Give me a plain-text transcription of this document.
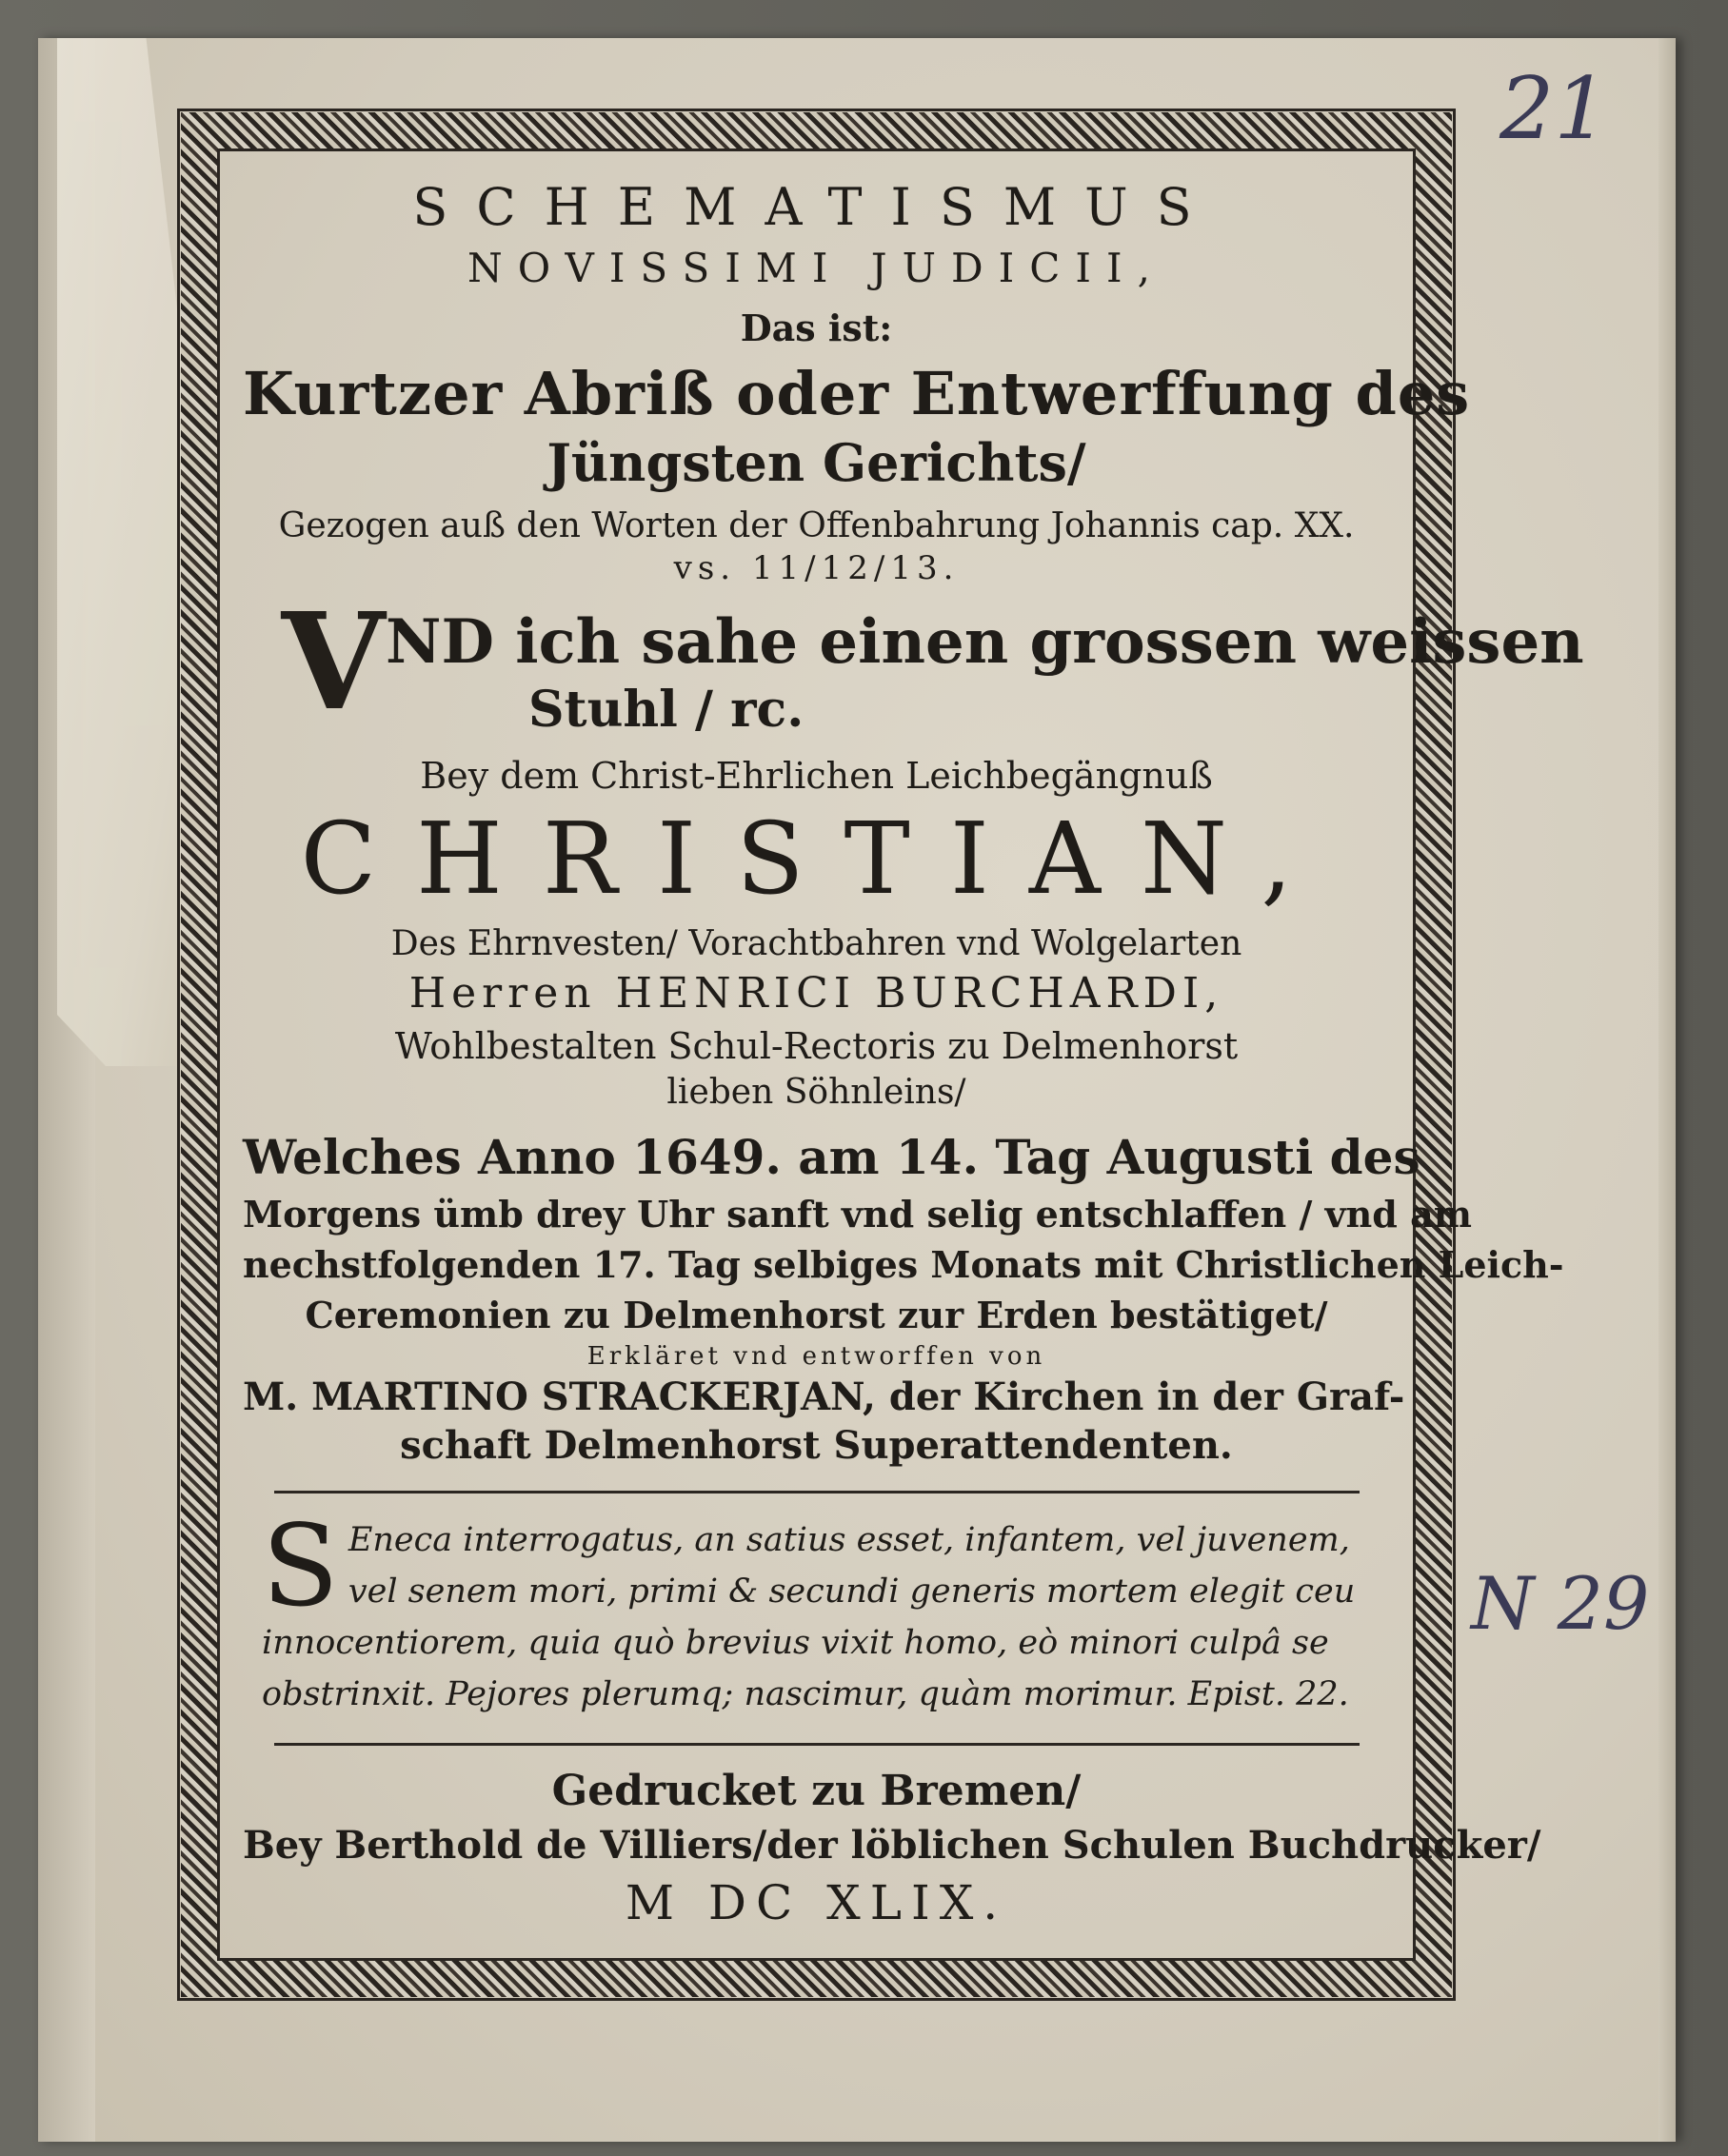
SCHEMATISMUS
NOVISSIMI JUDICII,
Das ist:
Kurtzer Abriß oder Entwerffung des
Jüngsten Gerichts/
Gezogen auß den Worten der Offenbahrung Johannis cap. XX.
vs. 11/12/13.
V ND ich sahe einen grossen weissen
Stuhl / rc.
Bey dem Christ-Ehrlichen Leichbegängnuß
CHRISTIAN,
Des Ehrnvesten/ Vorachtbahren vnd Wolgelarten
Herren HENRICI BURCHARDI,
Wohlbestalten Schul-Rectoris zu Delmenhorst
lieben Söhnleins/
Welches Anno 1649. am 14. Tag Augusti des
Morgens ümb drey Uhr sanft vnd selig entschlaffen / vnd am
nechstfolgenden 17. Tag selbiges Monats mit Christlichen Leich-
Ceremonien zu Delmenhorst zur Erden bestätiget/
Erkläret vnd entworffen von
M. MARTINO STRACKERJAN, der Kirchen in der Graf-
schaft Delmenhorst Superattendenten.
S Eneca interrogatus, an satius esset, infantem, vel juvenem, vel senem mori, primi & secundi generis mortem elegit ceu innocentiorem, quia quò brevius vixit homo, eò minori culpâ se obstrinxit. Pejores plerumq; nascimur, quàm morimur. Epist. 22.
Gedrucket zu Bremen/
Bey Berthold de Villiers/der löblichen Schulen Buchdrucker/
M DC XLIX.
21
N 29
